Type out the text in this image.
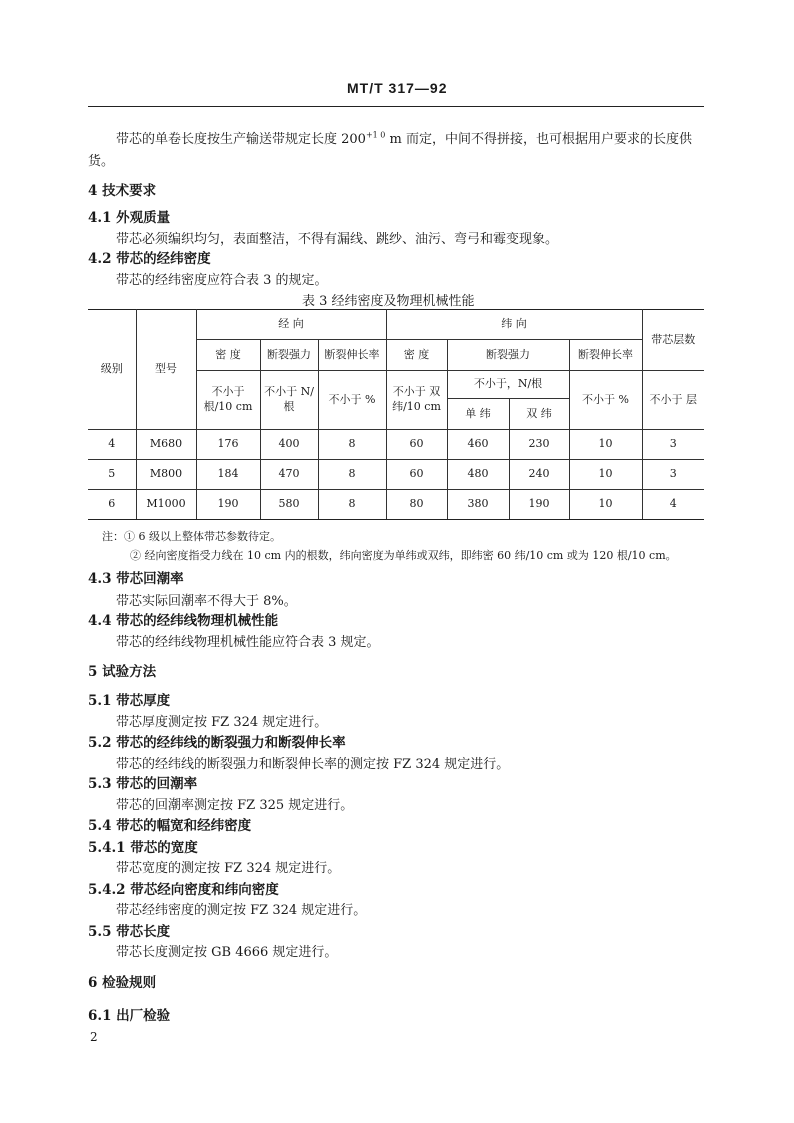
MT/T 317—92
带芯的单卷长度按生产输送带规定长度 $200^{+1 0}$ m 而定，中间不得拼接，也可根据用户要求的长度供
货。
4 技术要求
4.1 外观质量
带芯必须编织均匀，表面整洁，不得有漏线、跳纱、油污、弯弓和霉变现象。
4.2 带芯的经纬密度
带芯的经纬密度应符合表 3 的规定。
表 3 经纬密度及物理机械性能
级别	型号	经 向			纬 向				带芯层数
		密 度	断裂强力	断裂伸长率	密 度	断裂强力		断裂伸长率	
		不小于 根/10 cm	不小于 N/根	不小于 %	不小于 双纬/10 cm	不小于，N/根		不小于 %	不小于 层
						单 纬	双 纬		
4	M680	176	400	8	60	460	230	10	3
5	M800	184	470	8	60	480	240	10	3
6	M1000	190	580	8	80	380	190	10	4
注：① 6 级以上整体带芯参数待定。
② 经向密度指受力线在 10 cm 内的根数，纬向密度为单纬或双纬，即纬密 60 纬/10 cm 或为 120 根/10 cm。
4.3 带芯回潮率
带芯实际回潮率不得大于 8%。
4.4 带芯的经纬线物理机械性能
带芯的经纬线物理机械性能应符合表 3 规定。
5 试验方法
5.1 带芯厚度
带芯厚度测定按 FZ 324 规定进行。
5.2 带芯的经纬线的断裂强力和断裂伸长率
带芯的经纬线的断裂强力和断裂伸长率的测定按 FZ 324 规定进行。
5.3 带芯的回潮率
带芯的回潮率测定按 FZ 325 规定进行。
5.4 带芯的幅宽和经纬密度
5.4.1 带芯的宽度
带芯宽度的测定按 FZ 324 规定进行。
5.4.2 带芯经向密度和纬向密度
带芯经纬密度的测定按 FZ 324 规定进行。
5.5 带芯长度
带芯长度测定按 GB 4666 规定进行。
6 检验规则
6.1 出厂检验
2
